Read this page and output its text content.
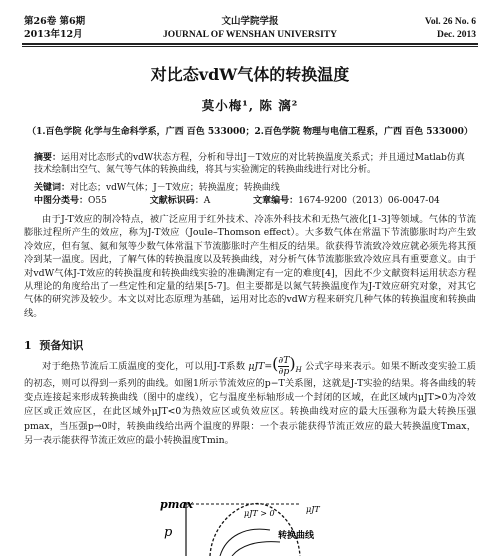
第26卷 第6期
2013年12月
文山学院学报
JOURNAL OF WENSHAN UNIVERSITY
Vol. 26 No. 6
Dec. 2013
对比态vdW气体的转换温度
莫小梅¹, 陈 漓²
（1.百色学院 化学与生命科学系，广西 百色 533000；2.百色学院 物理与电信工程系，广西 百色 533000）
摘要：运用对比态形式的vdW状态方程，分析和导出J－T效应的对比转换温度关系式；并且通过Matlab仿真技术绘制出空气、氮气等气体的转换曲线，将其与实验测定的转换曲线进行对比分析。
关键词：对比态；vdW气体；J－T效应；转换温度；转换曲线
中图分类号：O55	文献标识码：A	文章编号：1674-9200（2013）06-0047-04
由于J-T效应的制冷特点，被广泛应用于红外技术、冷冻外科技术和无热气液化[1-3]等领域。气体的节流膨胀过程所产生的效应，称为J-T效应（Joule–Thomson effect）。大多数气体在常温下节流膨胀时均产生致冷效应，但有氢、氦和氖等少数气体常温下节流膨胀时产生相反的结果。欲获得节流致冷效应就必须先将其预冷到某一温度。因此，了解气体的转换温度以及转换曲线，对分析气体节流膨胀致冷效应具有重要意义。由于对vdW气体J-T效应的转换温度和转换曲线实验的准确测定有一定的难度[4]，因此不少文献资料运用状态方程从理论的角度给出了一些定性和定量的结果[5-7]。但主要都是以氮气转换温度作为J-T效应研究对象，对其它气体的研究涉及较少。本文以对比态原理为基础，运用对比态的vdW方程来研究几种气体的转换温度和转换曲线。
1 预备知识
对于绝热节流后工质温度的变化，可以用J-T系数 $\mu JT=( \frac{\partial T}{\partial p} )_H$ 公式字母来表示。如果不断改变实验工质的初态，则可以得到一系列的曲线。如图1所示节流效应的p−T关系图，这就是J-T实验的结果。将各曲线的转变点连接起来形成转换曲线（图中的虚线），它与温度坐标轴形成一个封闭的区域，在此区域内μJT>0为冷效应区或正效应区，在此区域外μJT<0为热效应区或负效应区。转换曲线对应的最大压强称为最大转换压强pmax，当压强p→0时，转换曲线给出两个温度的界限：一个表示能获得节流正效应的最大转换温度Tmax，另一表示能获得节流正效应的最小转换温度Tmin。
pmax
p
μJT > 0	μJT
转换曲线
